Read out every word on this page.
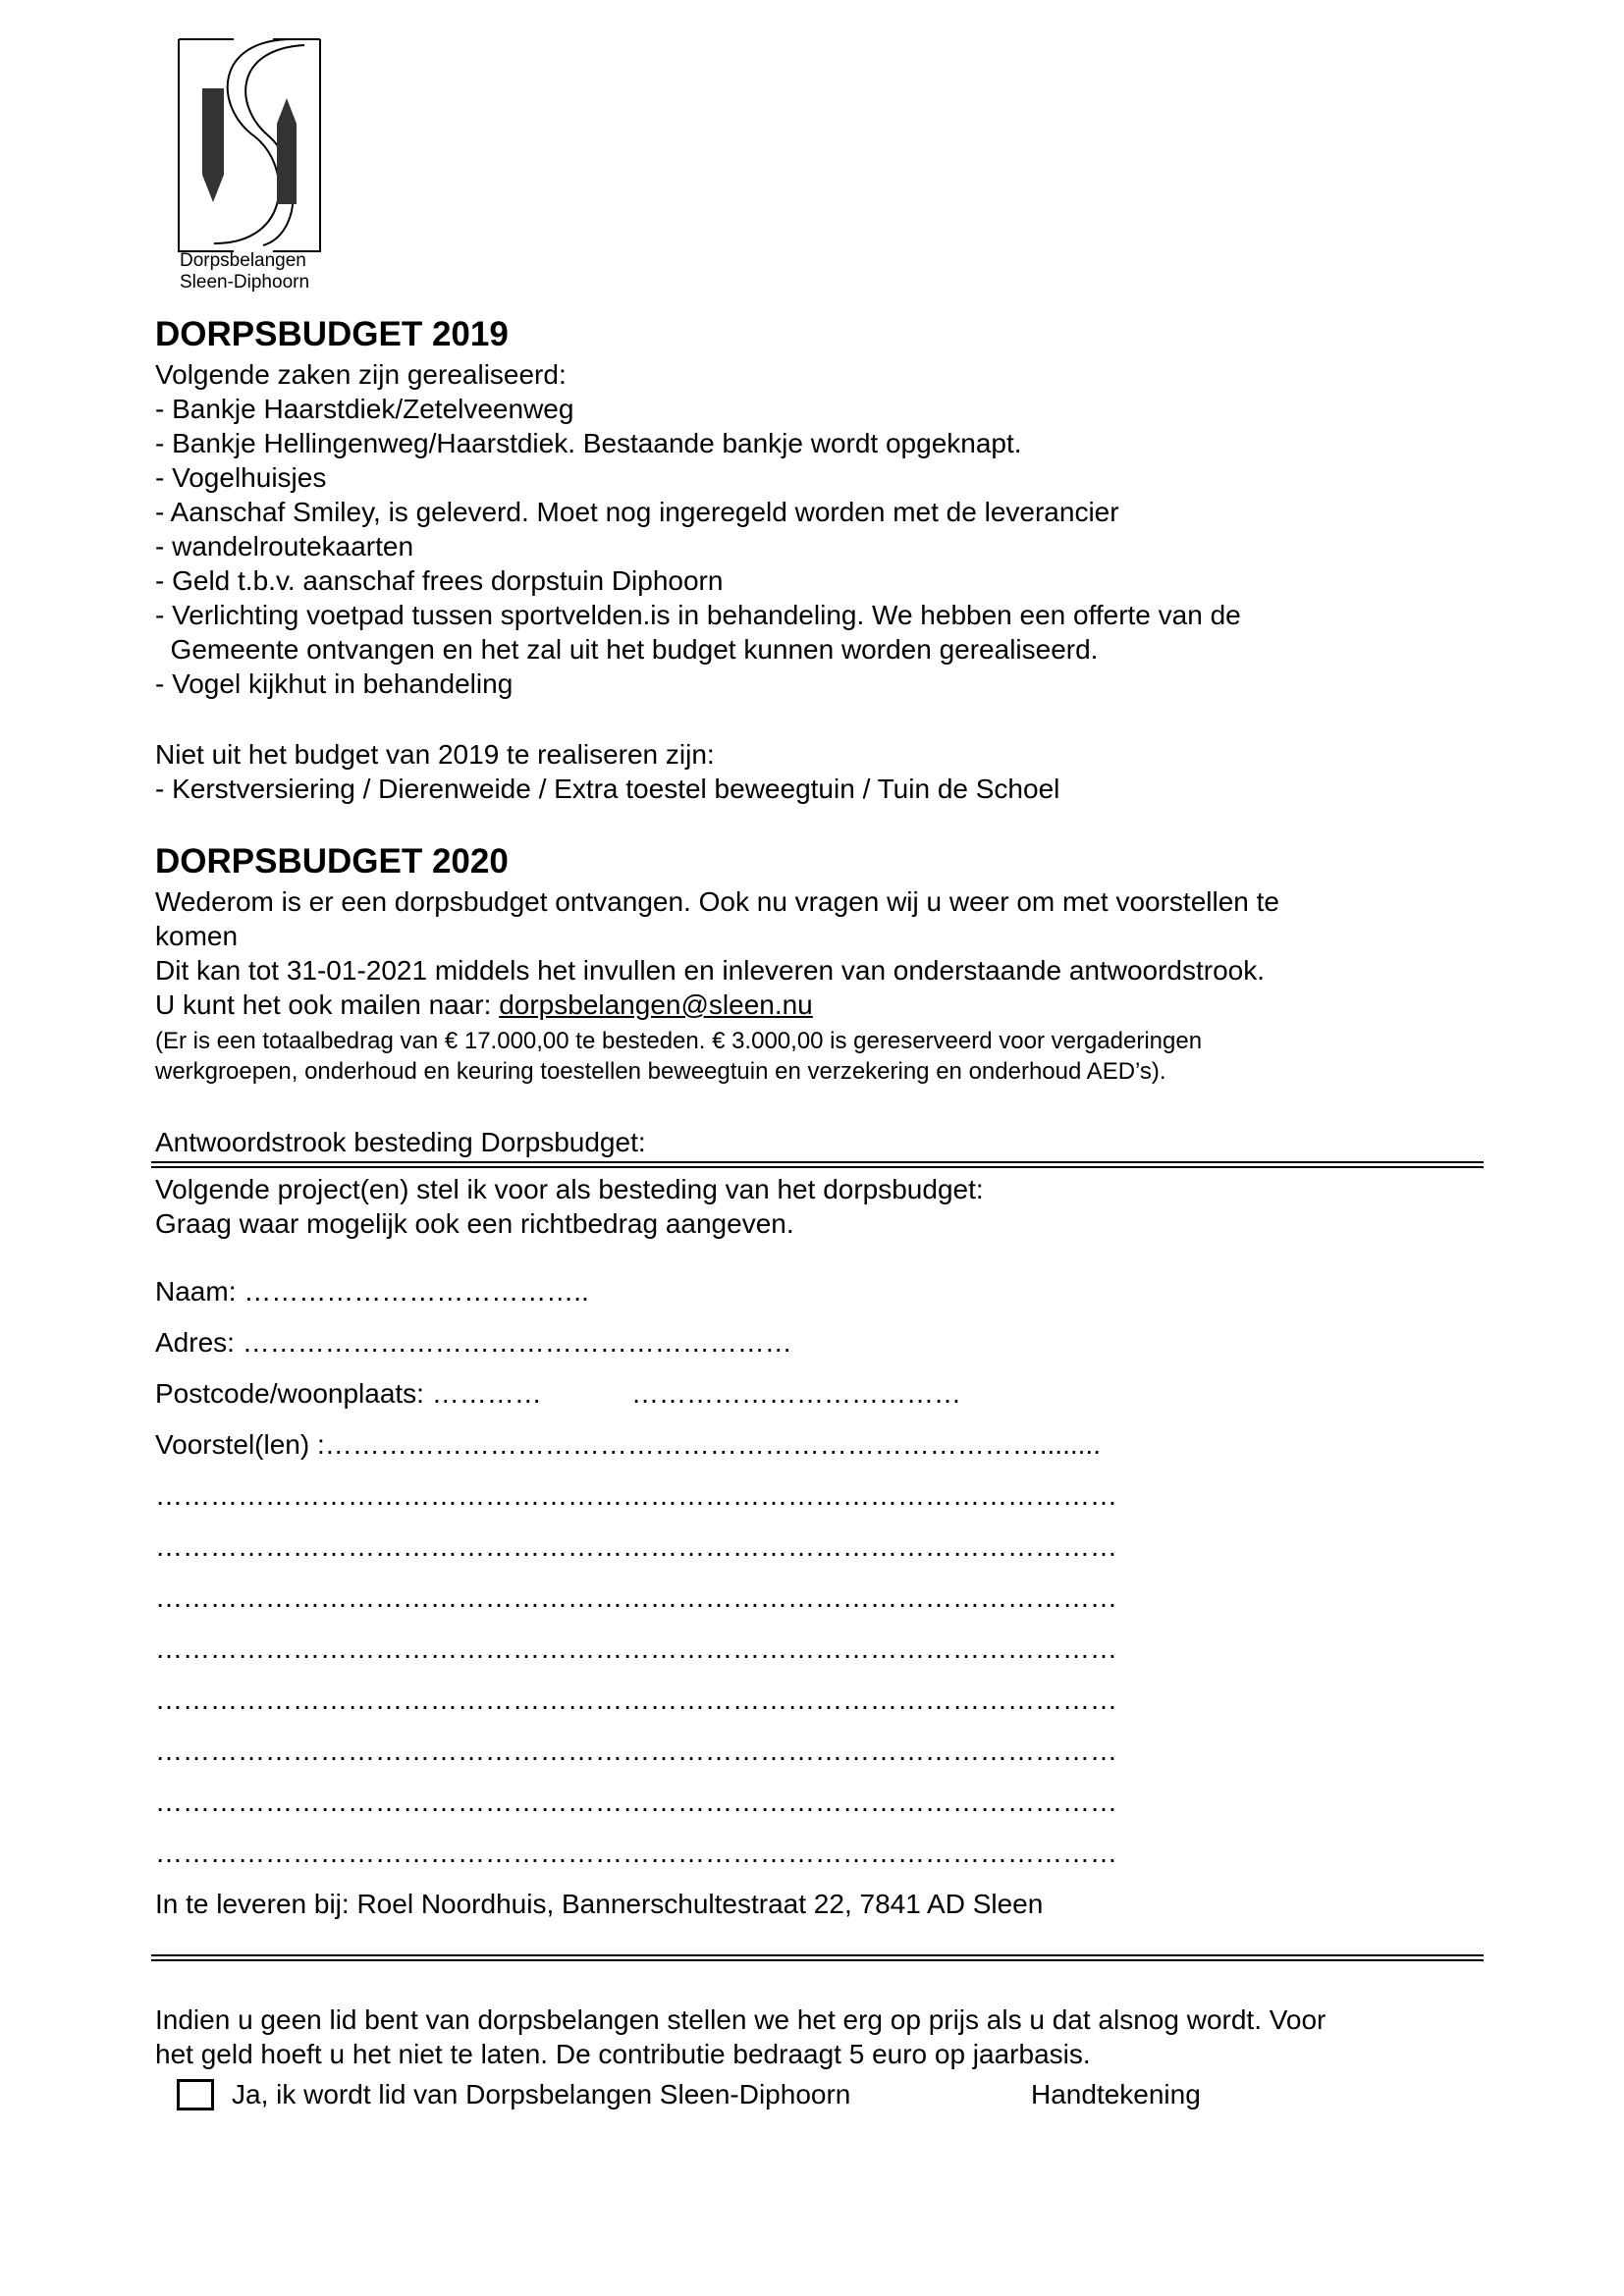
Dorpsbelangen
Sleen-Diphoorn
DORPSBUDGET 2019
Volgende zaken zijn gerealiseerd:
- Bankje Haarstdiek/Zetelveenweg
- Bankje Hellingenweg/Haarstdiek. Bestaande bankje wordt opgeknapt.
- Vogelhuisjes
- Aanschaf Smiley, is geleverd. Moet nog ingeregeld worden met de leverancier
- wandelroutekaarten
- Geld t.b.v. aanschaf frees dorpstuin Diphoorn
- Verlichting voetpad tussen sportvelden.is in behandeling. We hebben een offerte van de
Gemeente ontvangen en het zal uit het budget kunnen worden gerealiseerd.
- Vogel kijkhut in behandeling
Niet uit het budget van 2019 te realiseren zijn:
- Kerstversiering / Dierenweide / Extra toestel beweegtuin / Tuin de Schoel
DORPSBUDGET 2020
Wederom is er een dorpsbudget ontvangen. Ook nu vragen wij u weer om met voorstellen te
komen
Dit kan tot 31-01-2021 middels het invullen en inleveren van onderstaande antwoordstrook.
U kunt het ook mailen naar: dorpsbelangen@sleen.nu
(Er is een totaalbedrag van € 17.000,00 te besteden. € 3.000,00 is gereserveerd voor vergaderingen
werkgroepen, onderhoud en keuring toestellen beweegtuin en verzekering en onderhoud AED’s).
Antwoordstrook besteding Dorpsbudget:
Volgende project(en) stel ik voor als besteding van het dorpsbudget:
Graag waar mogelijk ook een richtbedrag aangeven.
Naam: ………………………………..
Adres: ……………………………………………………
Postcode/woonplaats: …………	………………………………
Voorstel(len) :……………………………………………………………………........
……………………………………………………………………………………………
……………………………………………………………………………………………
……………………………………………………………………………………………
……………………………………………………………………………………………
……………………………………………………………………………………………
……………………………………………………………………………………………
……………………………………………………………………………………………
……………………………………………………………………………………………
In te leveren bij: Roel Noordhuis, Bannerschultestraat 22, 7841 AD Sleen
Indien u geen lid bent van dorpsbelangen stellen we het erg op prijs als u dat alsnog wordt. Voor
het geld hoeft u het niet te laten. De contributie bedraagt 5 euro op jaarbasis.
Ja, ik wordt lid van Dorpsbelangen Sleen-Diphoorn	Handtekening
